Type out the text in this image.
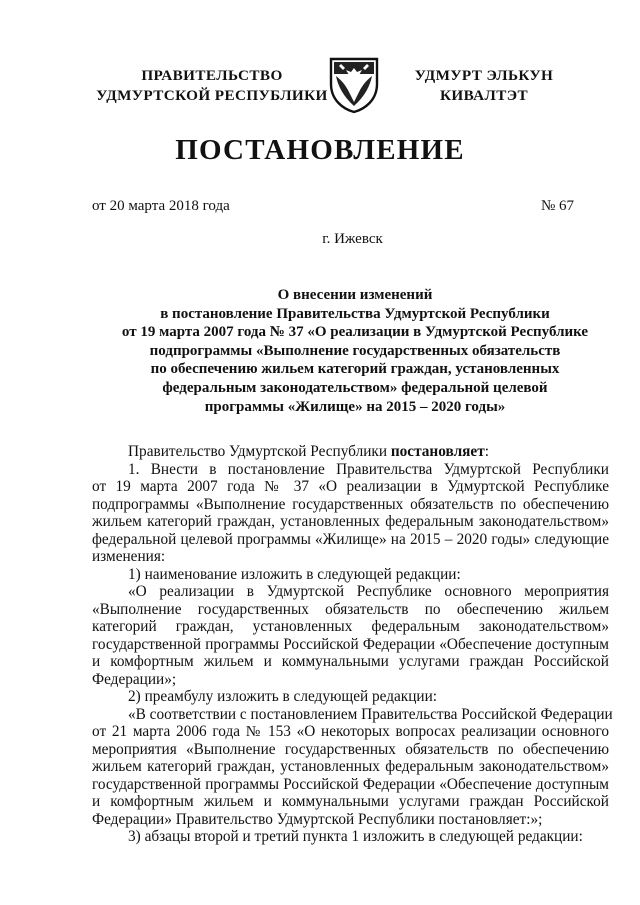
ПРАВИТЕЛЬСТВО
УДМУРТСКОЙ РЕСПУБЛИКИ
УДМУРТ ЭЛЬКУН
КИВАЛТЭТ
ПОСТАНОВЛЕНИЕ
от 20 марта 2018 года	№ 67
г. Ижевск
О внесении изменений
в постановление Правительства Удмуртской Республики
от 19 марта 2007 года № 37 «О реализации в Удмуртской Республике
подпрограммы «Выполнение государственных обязательств
по обеспечению жильем категорий граждан, установленных
федеральным законодательством» федеральной целевой
программы «Жилище» на 2015 – 2020 годы»
Правительство Удмуртской Республики постановляет:
1. Внести в постановление Правительства Удмуртской Республики
от 19 марта 2007 года № 37 «О реализации в Удмуртской Республике
подпрограммы «Выполнение государственных обязательств по обеспечению
жильем категорий граждан, установленных федеральным законодательством»
федеральной целевой программы «Жилище» на 2015 – 2020 годы» следующие
изменения:
1) наименование изложить в следующей редакции:
«О реализации в Удмуртской Республике основного мероприятия
«Выполнение государственных обязательств по обеспечению жильем
категорий граждан, установленных федеральным законодательством»
государственной программы Российской Федерации «Обеспечение доступным
и комфортным жильем и коммунальными услугами граждан Российской
Федерации»;
2) преамбулу изложить в следующей редакции:
«В соответствии с постановлением Правительства Российской Федерации
от 21 марта 2006 года № 153 «О некоторых вопросах реализации основного
мероприятия «Выполнение государственных обязательств по обеспечению
жильем категорий граждан, установленных федеральным законодательством»
государственной программы Российской Федерации «Обеспечение доступным
и комфортным жильем и коммунальными услугами граждан Российской
Федерации» Правительство Удмуртской Республики постановляет:»;
3) абзацы второй и третий пункта 1 изложить в следующей редакции:
